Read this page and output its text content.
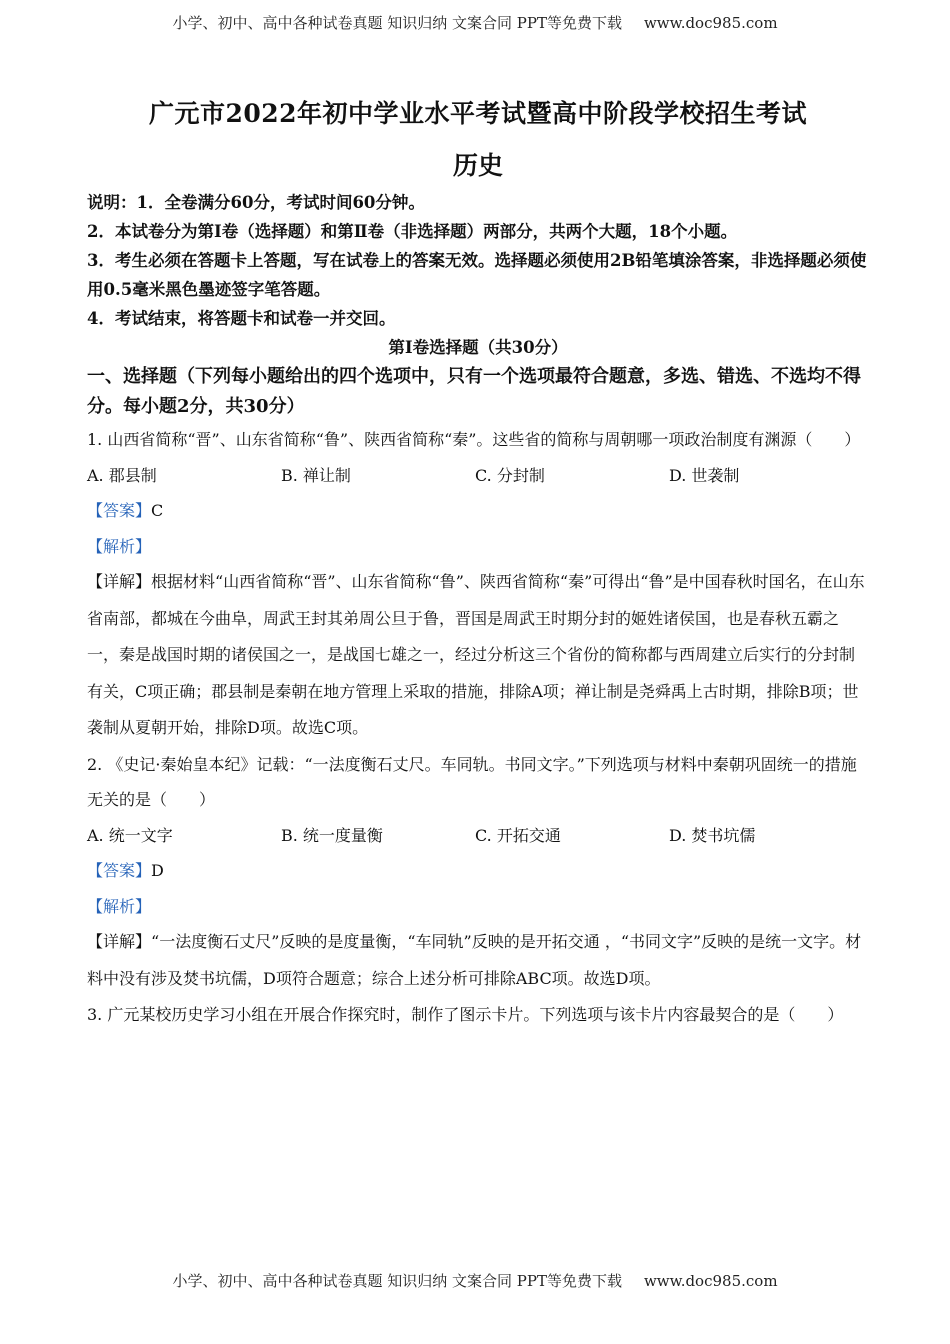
小学、初中、高中各种试卷真题 知识归纳 文案合同 PPT等免费下载 www.doc985.com
广元市2022年初中学业水平考试暨高中阶段学校招生考试
历史

说明：1．全卷满分60分，考试时间60分钟。

2．本试卷分为第Ⅰ卷（选择题）和第Ⅱ卷（非选择题）两部分，共两个大题，18个小题。

3．考生必须在答题卡上答题，写在试卷上的答案无效。选择题必须使用2B铅笔填涂答案，非选择题必须使用0.5毫米黑色墨迹签字笔答题。

4．考试结束，将答题卡和试卷一并交回。

第Ⅰ卷选择题（共30分）
一、选择题（下列每小题给出的四个选项中，只有一个选项最符合题意，多选、错选、不选均不得分。每小题2分，共30分）

1. 山西省简称“晋”、山东省简称“鲁”、陕西省简称“秦”。这些省的简称与周朝哪一项政治制度有渊源（　　）

A. 郡县制	B. 禅让制	C. 分封制	D. 世袭制
【答案】C
【解析】

【详解】根据材料“山西省简称“晋”、山东省简称“鲁”、陕西省简称“秦”可得出“鲁”是中国春秋时国名，在山东省南部，都城在今曲阜，周武王封其弟周公旦于鲁，晋国是周武王时期分封的姬姓诸侯国，也是春秋五霸之一，秦是战国时期的诸侯国之一，是战国七雄之一，经过分析这三个省份的简称都与西周建立后实行的分封制有关，C项正确；郡县制是秦朝在地方管理上采取的措施，排除A项；禅让制是尧舜禹上古时期，排除B项；世袭制从夏朝开始，排除D项。故选C项。

2. 《史记·秦始皇本纪》记载：“一法度衡石丈尺。车同轨。书同文字。”下列选项与材料中秦朝巩固统一的措施无关的是（　　）

A. 统一文字	B. 统一度量衡	C. 开拓交通	D. 焚书坑儒
【答案】D
【解析】

【详解】“一法度衡石丈尺”反映的是度量衡，“车同轨”反映的是开拓交通 ，“书同文字”反映的是统一文字。材料中没有涉及焚书坑儒，D项符合题意；综合上述分析可排除ABC项。故选D项。

3. 广元某校历史学习小组在开展合作探究时，制作了图示卡片。下列选项与该卡片内容最契合的是（　　）

小学、初中、高中各种试卷真题 知识归纳 文案合同 PPT等免费下载 www.doc985.com
